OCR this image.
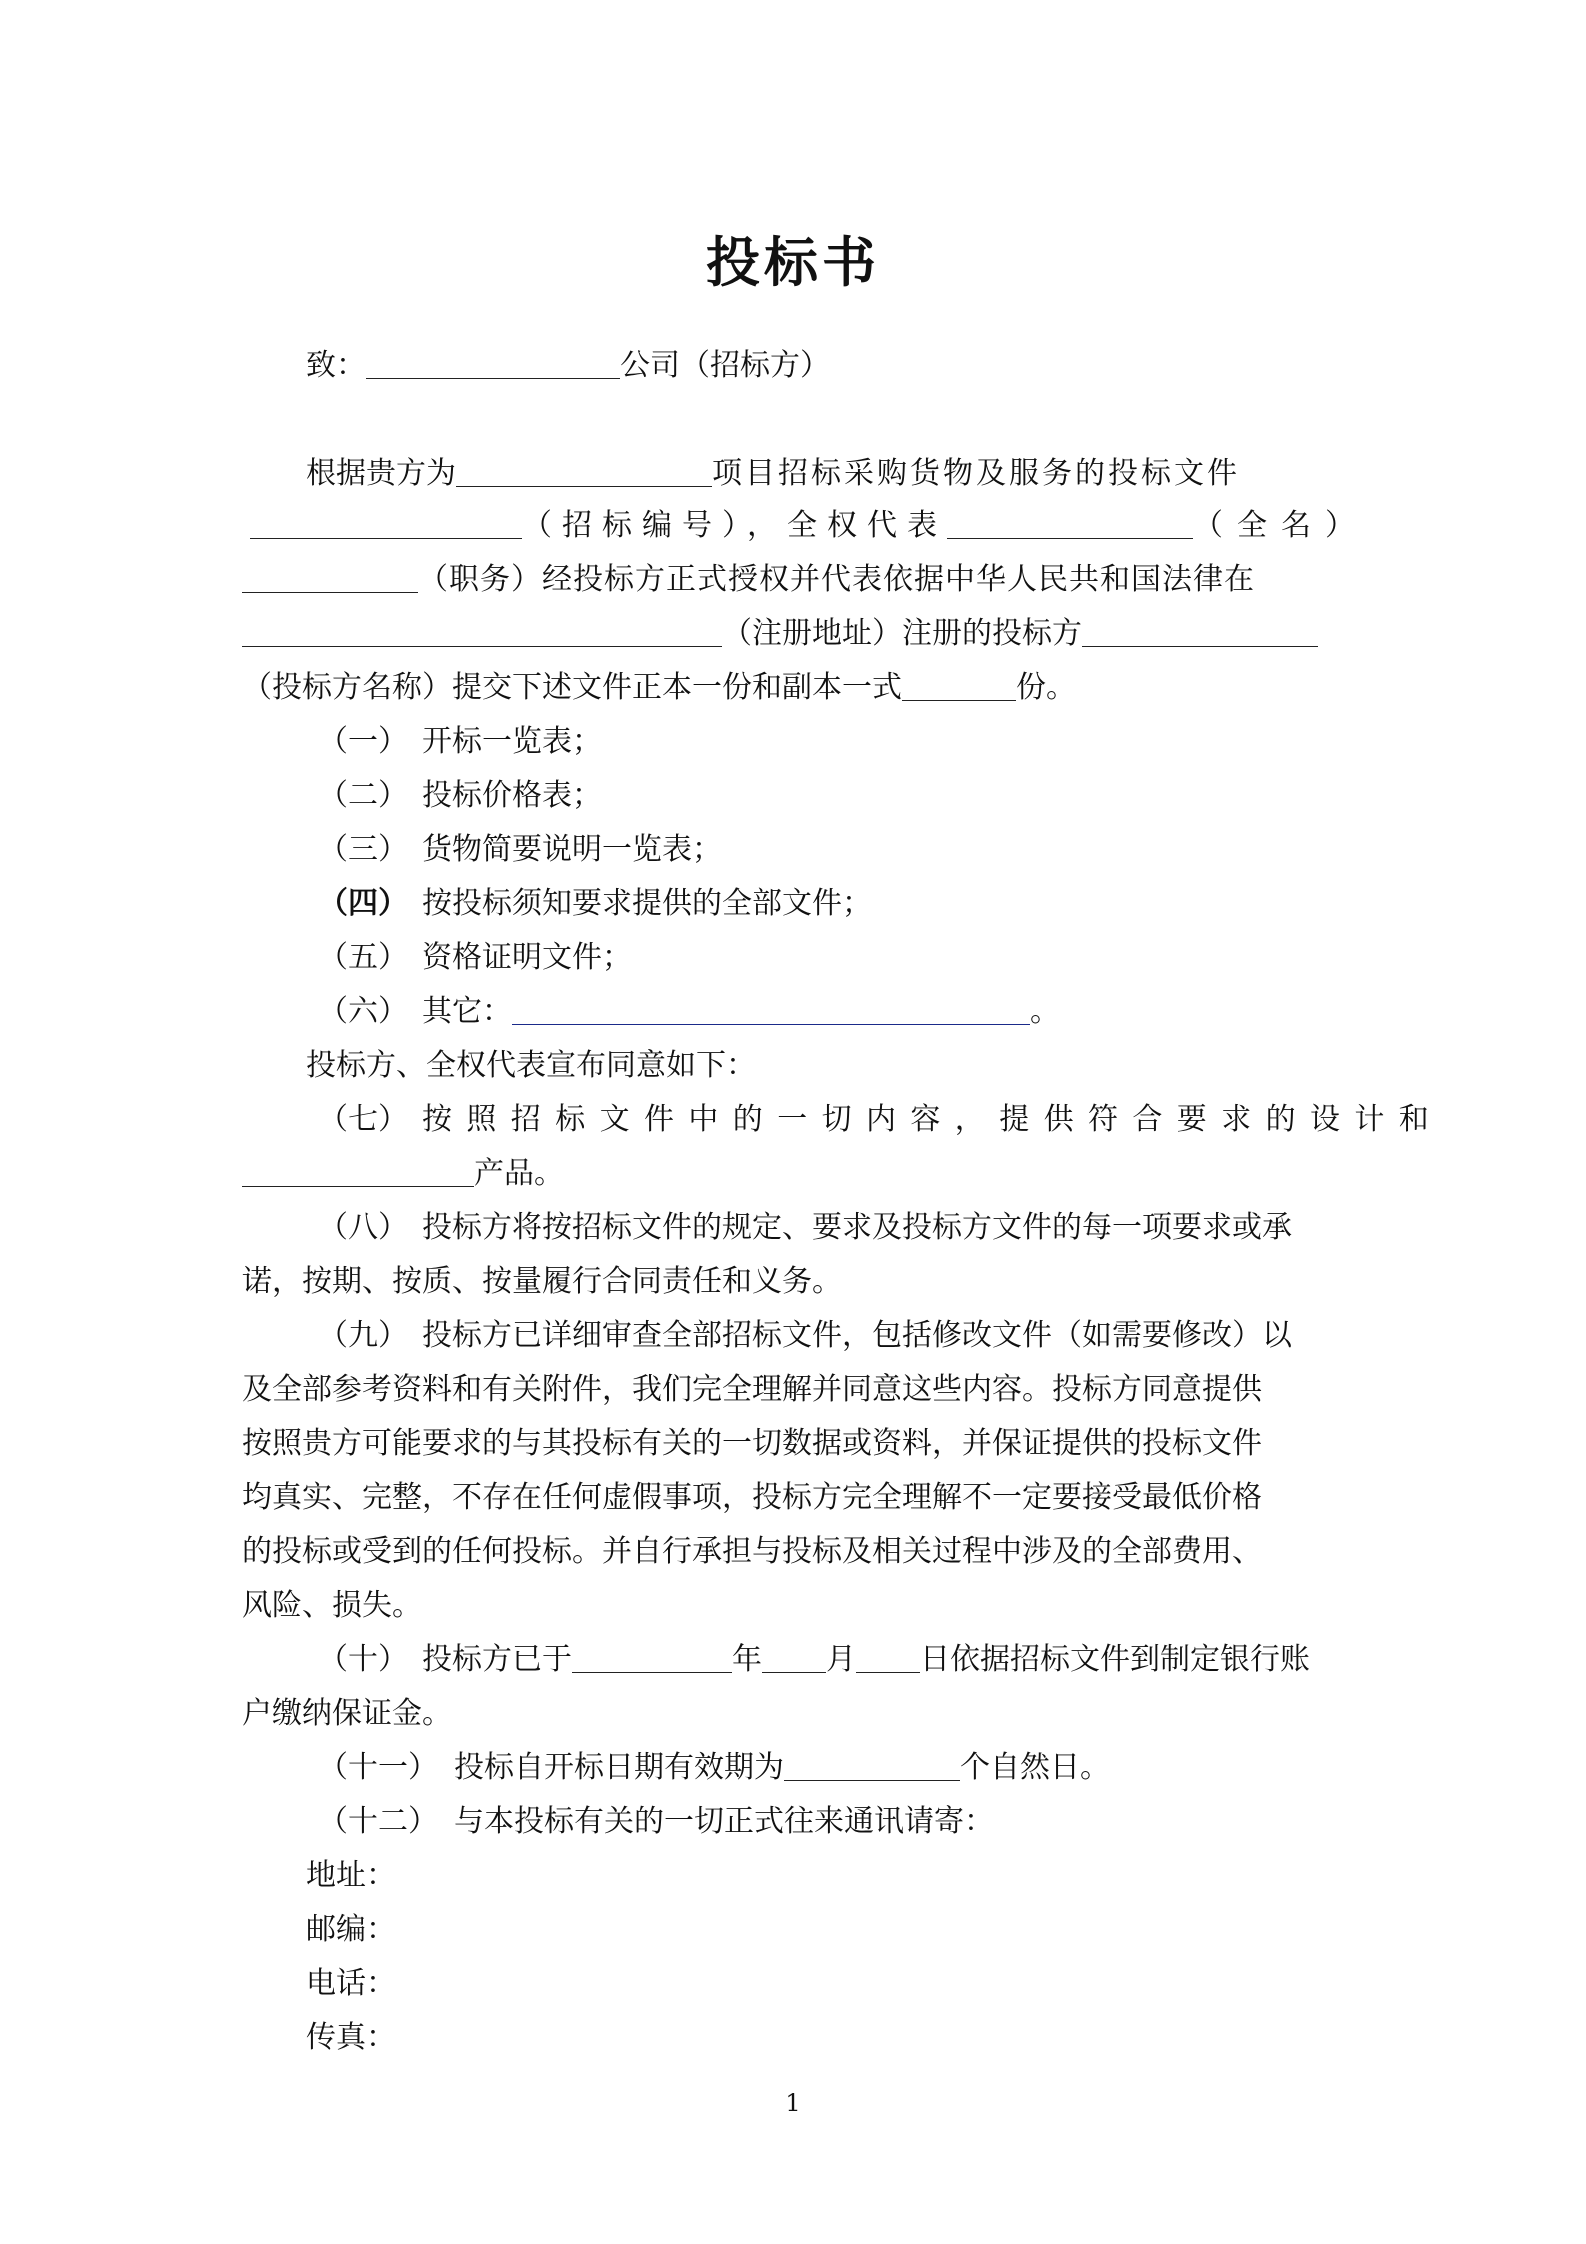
投标书
致：	公司（招标方）
根据贵方为	项目招标采购货物及服务的投标文件
（招标编号），全权代表	（全名）
（职务）经投标方正式授权并代表依据中华人民共和国法律在
（注册地址）注册的投标方
（投标方名称）提交下述文件正本一份和副本一式	份。
（一） 开标一览表；
（二） 投标价格表；
（三） 货物简要说明一览表；
（四） 按投标须知要求提供的全部文件；
（五） 资格证明文件；
（六） 其它：	。
投标方、全权代表宣布同意如下：
（七） 按照招标文件中的一切内容，提供符合要求的设计和
产品。
（八） 投标方将按招标文件的规定、要求及投标方文件的每一项要求或承
诺，按期、按质、按量履行合同责任和义务。
（九） 投标方已详细审查全部招标文件，包括修改文件（如需要修改）以
及全部参考资料和有关附件，我们完全理解并同意这些内容。投标方同意提供
按照贵方可能要求的与其投标有关的一切数据或资料，并保证提供的投标文件
均真实、完整，不存在任何虚假事项，投标方完全理解不一定要接受最低价格
的投标或受到的任何投标。并自行承担与投标及相关过程中涉及的全部费用、
风险、损失。
（十） 投标方已于	年 月 日依据招标文件到制定银行账
户缴纳保证金。
（十一） 投标自开标日期有效期为	个自然日。
（十二） 与本投标有关的一切正式往来通讯请寄：
地址：
邮编：
电话：
传真：
1
